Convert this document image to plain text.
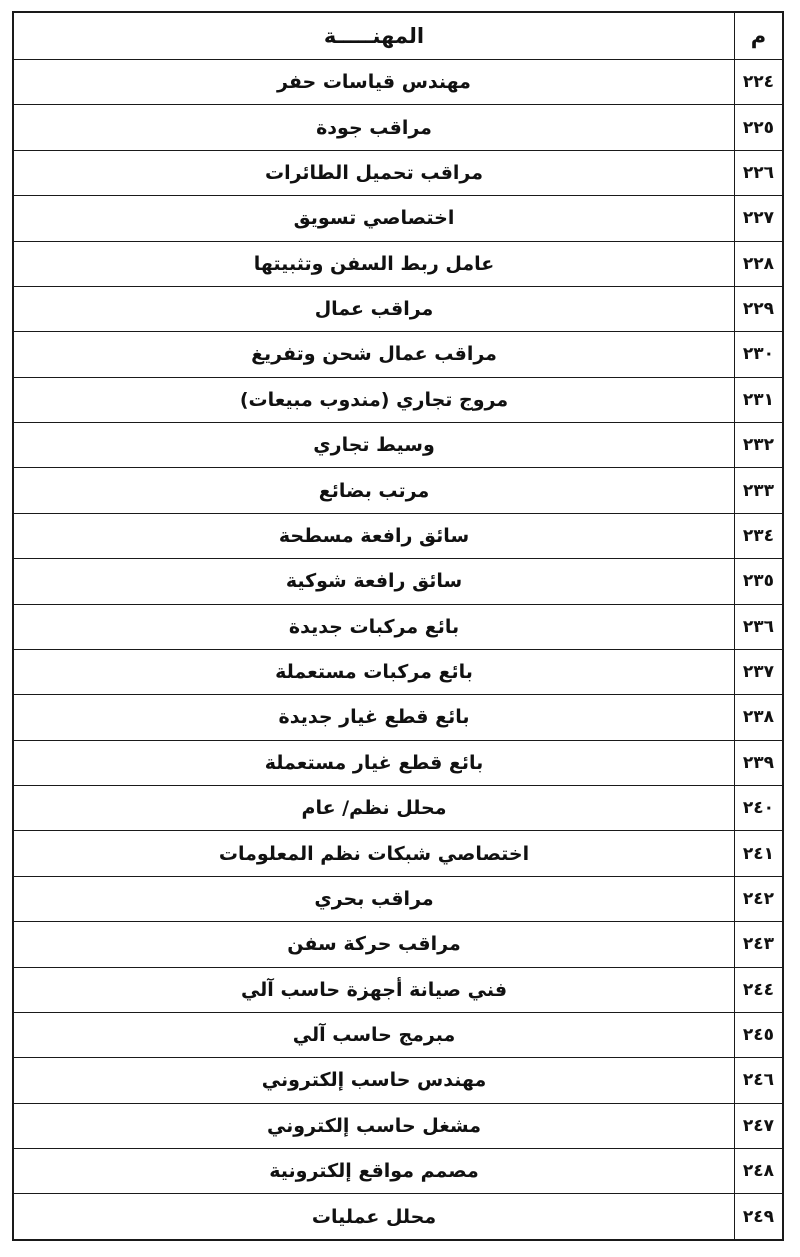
م	المهنـــــة
٢٢٤	مهندس قياسات حفر
٢٢٥	مراقب جودة
٢٢٦	مراقب تحميل الطائرات
٢٢٧	اختصاصي تسويق
٢٢٨	عامل ربط السفن وتثبيتها
٢٢٩	مراقب عمال
٢٣٠	مراقب عمال شحن وتفريغ
٢٣١	مروج تجاري (مندوب مبيعات)
٢٣٢	وسيط تجاري
٢٣٣	مرتب بضائع
٢٣٤	سائق رافعة مسطحة
٢٣٥	سائق رافعة شوكية
٢٣٦	بائع مركبات جديدة
٢٣٧	بائع مركبات مستعملة
٢٣٨	بائع قطع غيار جديدة
٢٣٩	بائع قطع غيار مستعملة
٢٤٠	محلل نظم/ عام
٢٤١	اختصاصي شبكات نظم المعلومات
٢٤٢	مراقب بحري
٢٤٣	مراقب حركة سفن
٢٤٤	فني صيانة أجهزة حاسب آلي
٢٤٥	مبرمج حاسب آلي
٢٤٦	مهندس حاسب إلكتروني
٢٤٧	مشغل حاسب إلكتروني
٢٤٨	مصمم مواقع إلكترونية
٢٤٩	محلل عمليات
